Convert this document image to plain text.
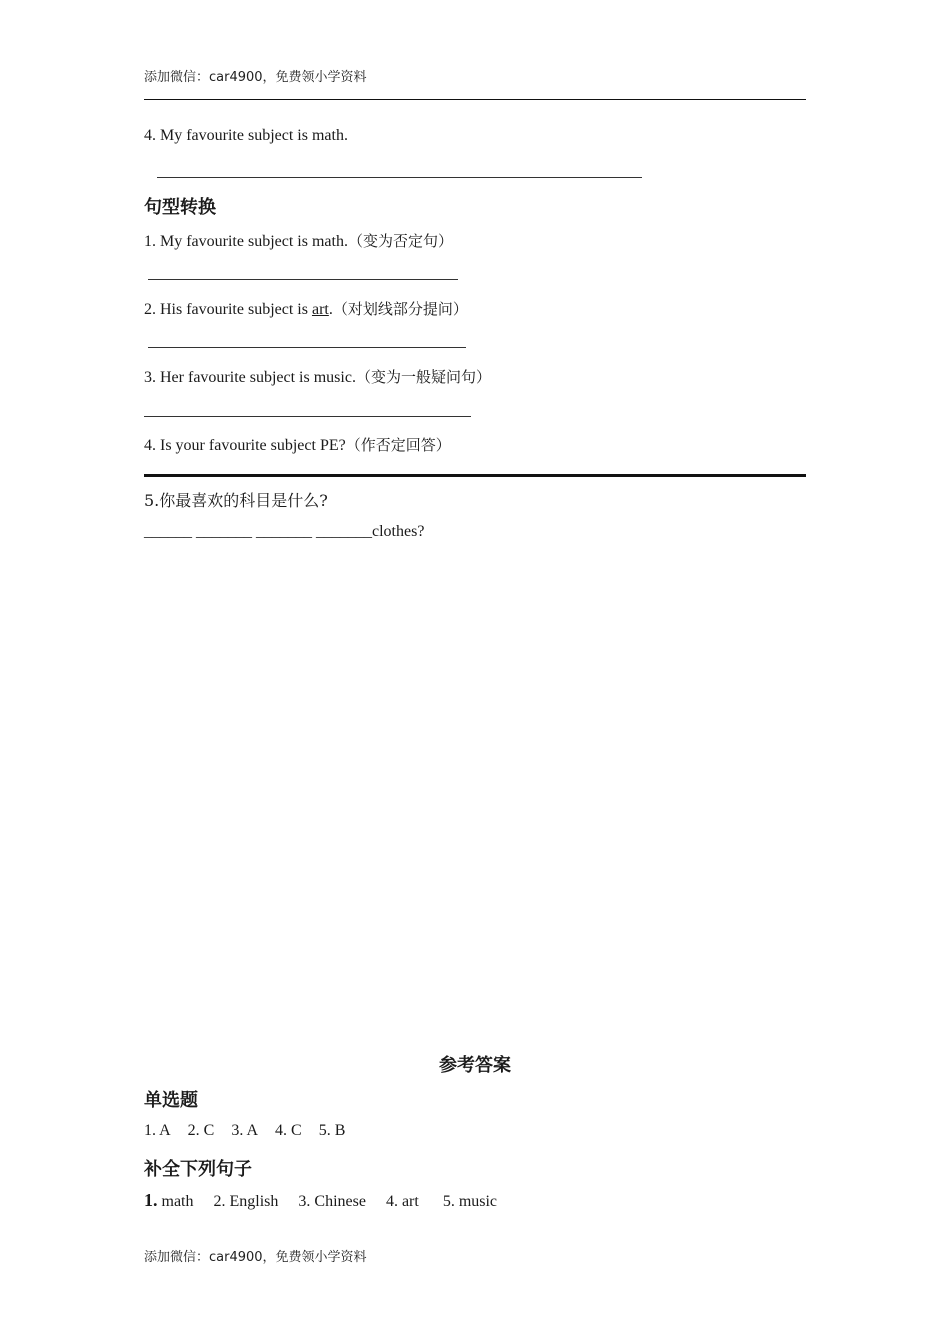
添加微信：car4900，免费领小学资料
4. My favourite subject is math.
句型转换
1. My favourite subject is math.（变为否定句）
2. His favourite subject is art.（对划线部分提问）
3. Her favourite subject is music.（变为一般疑问句）
4. Is your favourite subject PE?（作否定回答）
5.你最喜欢的科目是什么?
______ _______ _______ _______clothes?
参考答案
单选题
1. A 2. C 3. A 4. C 5. B
补全下列句子
1. math 2. English 3. Chinese 4. art 5. music
添加微信：car4900，免费领小学资料
